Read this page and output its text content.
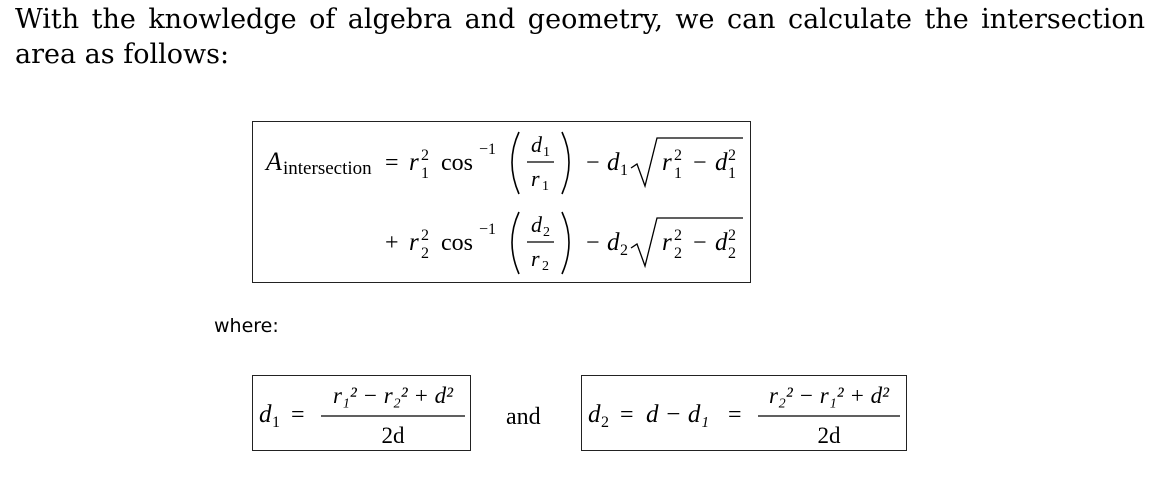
With the knowledge of algebra and geometry, we can calculate the intersection area as follows:
A intersection = r 2
1 cos
−1 d 1
r 1
− d 1 r 2
1 − d 2
1
+ r 2
2 cos
−1 d 2
r 2
− d 2 r 2
2 − d 2
2
where:
d 1 =
r₁² − r₂² + d²
2d
and d 2 = d − d₁ =
r₂² − r₁² + d²
2d
